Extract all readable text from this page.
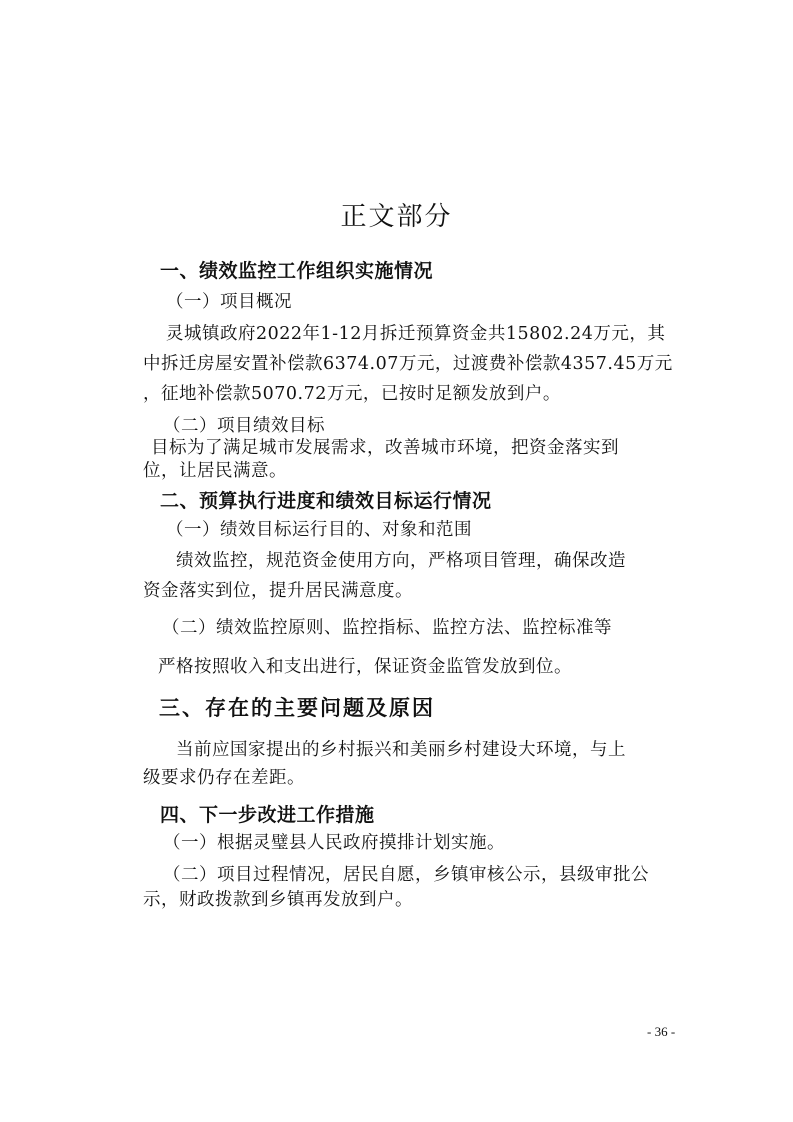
正文部分
一、绩效监控工作组织实施情况
（一）项目概况
灵城镇政府2022年1-12月拆迁预算资金共15802.24万元，其
中拆迁房屋安置补偿款6374.07万元，过渡费补偿款4357.45万元
，征地补偿款5070.72万元，已按时足额发放到户。
（二）项目绩效目标
目标为了满足城市发展需求，改善城市环境，把资金落实到
位，让居民满意。
二、预算执行进度和绩效目标运行情况
（一）绩效目标运行目的、对象和范围
绩效监控，规范资金使用方向，严格项目管理，确保改造
资金落实到位，提升居民满意度。
（二）绩效监控原则、监控指标、监控方法、监控标准等
严格按照收入和支出进行，保证资金监管发放到位。
三、存在的主要问题及原因
当前应国家提出的乡村振兴和美丽乡村建设大环境，与上
级要求仍存在差距。
四、下一步改进工作措施
（一）根据灵璧县人民政府摸排计划实施。
（二）项目过程情况，居民自愿，乡镇审核公示，县级审批公
示，财政拨款到乡镇再发放到户。
- 36 -
